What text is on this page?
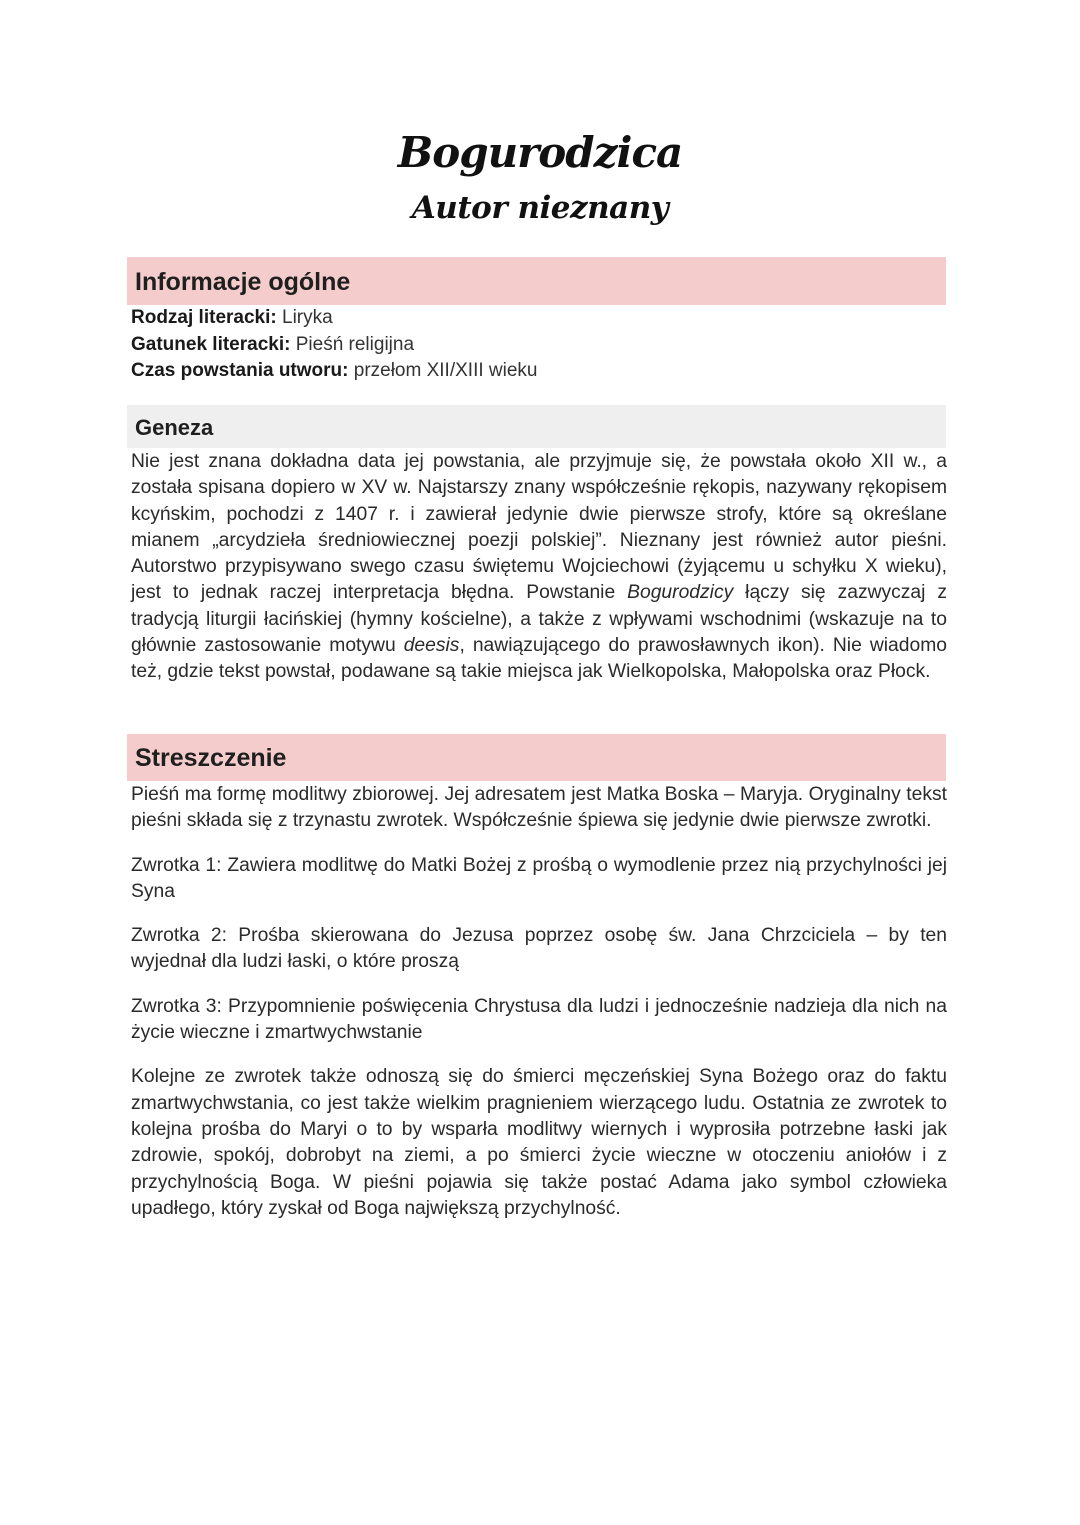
Bogurodzica
Autor nieznany
Informacje ogólne
Rodzaj literacki: Liryka
Gatunek literacki: Pieśń religijna
Czas powstania utworu: przełom XII/XIII wieku
Geneza

Nie jest znana dokładna data jej powstania, ale przyjmuje się, że powstała około XII w., a została spisana dopiero w XV w. Najstarszy znany współcześnie rękopis, nazywany rękopisem kcyńskim, pochodzi z 1407 r. i zawierał jedynie dwie pierwsze strofy, które są określane mianem „arcydzieła średniowiecznej poezji polskiej”. Nieznany jest również autor pieśni. Autorstwo przypisywano swego czasu świętemu Wojciechowi (żyjącemu u schyłku X wieku), jest to jednak raczej interpretacja błędna. Powstanie Bogurodzicy łączy się zazwyczaj z tradycją liturgii łacińskiej (hymny kościelne), a także z wpływami wschodnimi (wskazuje na to głównie zastosowanie motywu deesis, nawiązującego do prawosławnych ikon). Nie wiadomo też, gdzie tekst powstał, podawane są takie miejsca jak Wielkopolska, Małopolska oraz Płock.

Streszczenie

Pieśń ma formę modlitwy zbiorowej. Jej adresatem jest Matka Boska – Maryja. Oryginalny tekst pieśni składa się z trzynastu zwrotek. Współcześnie śpiewa się jedynie dwie pierwsze zwrotki.

Zwrotka 1: Zawiera modlitwę do Matki Bożej z prośbą o wymodlenie przez nią przychylności jej Syna

Zwrotka 2: Prośba skierowana do Jezusa poprzez osobę św. Jana Chrzciciela – by ten wyjednał dla ludzi łaski, o które proszą

Zwrotka 3: Przypomnienie poświęcenia Chrystusa dla ludzi i jednocześnie nadzieja dla nich na życie wieczne i zmartwychwstanie

Kolejne ze zwrotek także odnoszą się do śmierci męczeńskiej Syna Bożego oraz do faktu zmartwychwstania, co jest także wielkim pragnieniem wierzącego ludu. Ostatnia ze zwrotek to kolejna prośba do Maryi o to by wsparła modlitwy wiernych i wyprosiła potrzebne łaski jak zdrowie, spokój, dobrobyt na ziemi, a po śmierci życie wieczne w otoczeniu aniołów i z przychylnością Boga. W pieśni pojawia się także postać Adama jako symbol człowieka upadłego, który zyskał od Boga największą przychylność.
